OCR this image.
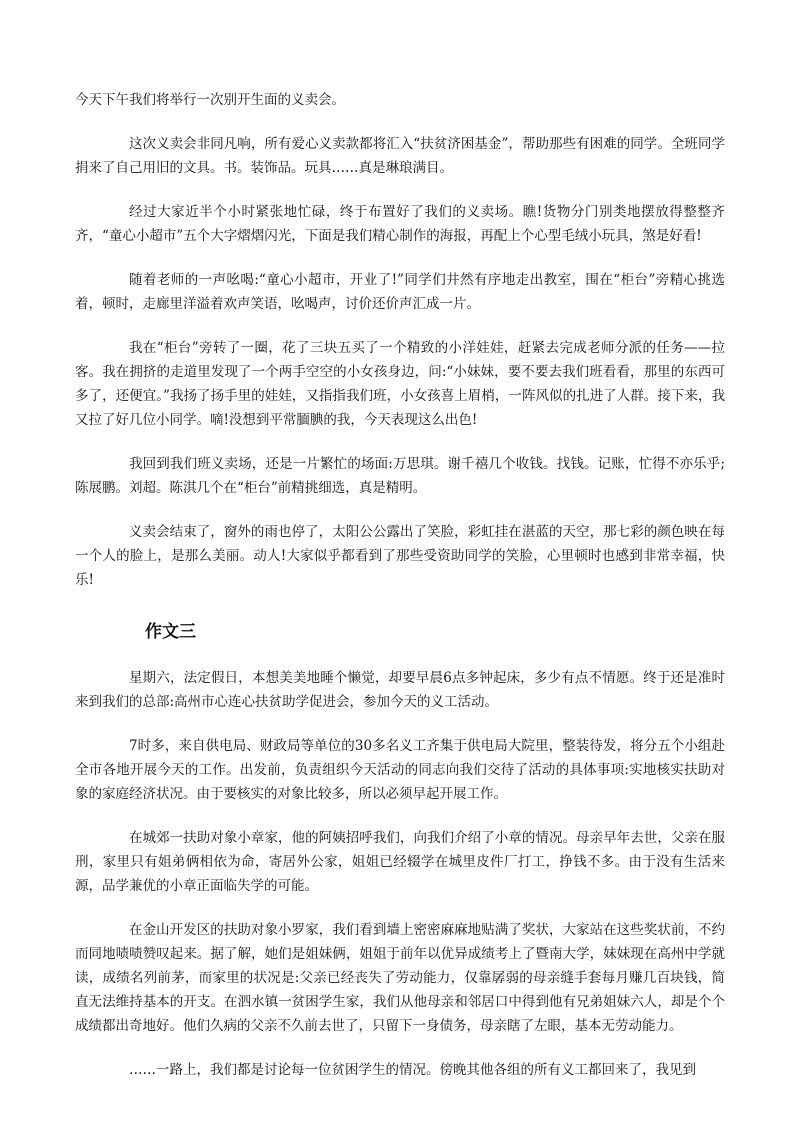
今天下午我们将举行一次别开生面的义卖会。

这次义卖会非同凡响，所有爱心义卖款都将汇入“扶贫济困基金”，帮助那些有困难的同学。全班同学捐来了自己用旧的文具。书。装饰品。玩具……真是琳琅满目。

经过大家近半个小时紧张地忙碌，终于布置好了我们的义卖场。瞧!货物分门别类地摆放得整整齐齐，“童心小超市”五个大字熠熠闪光，下面是我们精心制作的海报，再配上个心型毛绒小玩具，煞是好看!

随着老师的一声吆喝:“童心小超市，开业了!”同学们井然有序地走出教室，围在“柜台”旁精心挑选着，顿时，走廊里洋溢着欢声笑语，吆喝声，讨价还价声汇成一片。

我在“柜台”旁转了一圈，花了三块五买了一个精致的小洋娃娃，赶紧去完成老师分派的任务——拉客。我在拥挤的走道里发现了一个两手空空的小女孩身边，问:“小妹妹，要不要去我们班看看，那里的东西可多了，还便宜。”我扬了扬手里的娃娃，又指指我们班，小女孩喜上眉梢，一阵风似的扎进了人群。接下来，我又拉了好几位小同学。嘀!没想到平常腼腆的我，今天表现这么出色!

我回到我们班义卖场，还是一片繁忙的场面:万思琪。谢千禧几个收钱。找钱。记账，忙得不亦乐乎;陈展鹏。刘超。陈淇几个在“柜台”前精挑细选，真是精明。

义卖会结束了，窗外的雨也停了，太阳公公露出了笑脸，彩虹挂在湛蓝的天空，那七彩的颜色映在每一个人的脸上，是那么美丽。动人!大家似乎都看到了那些受资助同学的笑脸，心里顿时也感到非常幸福，快乐!

作文三

星期六，法定假日，本想美美地睡个懒觉，却要早晨6点多钟起床，多少有点不情愿。终于还是准时来到我们的总部:高州市心连心扶贫助学促进会，参加今天的义工活动。

7时多，来自供电局、财政局等单位的30多名义工齐集于供电局大院里，整装待发，将分五个小组赴全市各地开展今天的工作。出发前，负责组织今天活动的同志向我们交待了活动的具体事项:实地核实扶助对象的家庭经济状况。由于要核实的对象比较多，所以必须早起开展工作。

在城郊一扶助对象小章家，他的阿姨招呼我们，向我们介绍了小章的情况。母亲早年去世，父亲在服刑，家里只有姐弟俩相依为命，寄居外公家，姐姐已经辍学在城里皮件厂打工，挣钱不多。由于没有生活来源，品学兼优的小章正面临失学的可能。

在金山开发区的扶助对象小罗家，我们看到墙上密密麻麻地贴满了奖状，大家站在这些奖状前，不约而同地啧啧赞叹起来。据了解，她们是姐妹俩，姐姐于前年以优异成绩考上了暨南大学，妹妹现在高州中学就读，成绩名列前茅，而家里的状况是:父亲已经丧失了劳动能力，仅靠孱弱的母亲缝手套每月赚几百块钱，简直无法维持基本的开支。在泗水镇一贫困学生家，我们从他母亲和邻居口中得到他有兄弟姐妹六人，却是个个成绩都出奇地好。他们久病的父亲不久前去世了，只留下一身债务，母亲瞎了左眼，基本无劳动能力。

……一路上，我们都是讨论每一位贫困学生的情况。傍晚其他各组的所有义工都回来了，我见到
